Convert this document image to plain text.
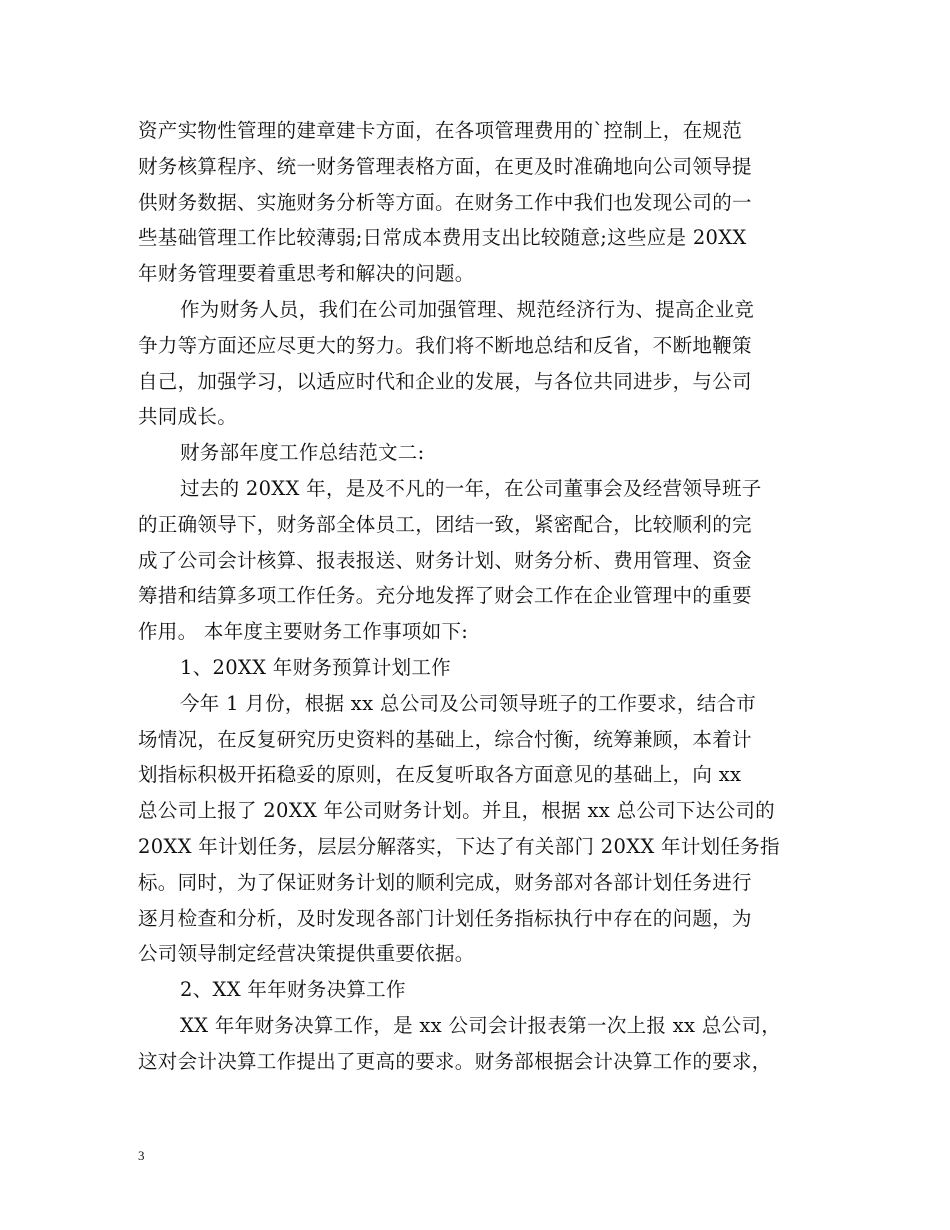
资产实物性管理的建章建卡方面，在各项管理费用的`控制上，在规范
财务核算程序、统一财务管理表格方面，在更及时准确地向公司领导提
供财务数据、实施财务分析等方面。在财务工作中我们也发现公司的一
些基础管理工作比较薄弱;日常成本费用支出比较随意;这些应是 20XX
年财务管理要着重思考和解决的问题。
作为财务人员，我们在公司加强管理、规范经济行为、提高企业竞
争力等方面还应尽更大的努力。我们将不断地总结和反省，不断地鞭策
自己，加强学习，以适应时代和企业的发展，与各位共同进步，与公司
共同成长。
财务部年度工作总结范文二:
过去的 20XX 年，是及不凡的一年，在公司董事会及经营领导班子
的正确领导下，财务部全体员工，团结一致，紧密配合，比较顺利的完
成了公司会计核算、报表报送、财务计划、财务分析、费用管理、资金
筹措和结算多项工作任务。充分地发挥了财会工作在企业管理中的重要
作用。 本年度主要财务工作事项如下:
1、20XX 年财务预算计划工作
今年 1 月份，根据 xx 总公司及公司领导班子的工作要求，结合市
场情况，在反复研究历史资料的基础上，综合忖衡，统筹兼顾，本着计
划指标积极开拓稳妥的原则，在反复听取各方面意见的基础上，向 xx
总公司上报了 20XX 年公司财务计划。并且，根据 xx 总公司下达公司的
20XX 年计划任务，层层分解落实，下达了有关部门 20XX 年计划任务指
标。同时，为了保证财务计划的顺利完成，财务部对各部计划任务进行
逐月检查和分析，及时发现各部门计划任务指标执行中存在的问题，为
公司领导制定经营决策提供重要依据。
2、XX 年年财务决算工作
XX 年年财务决算工作，是 xx 公司会计报表第一次上报 xx 总公司，
这对会计决算工作提出了更高的要求。财务部根据会计决算工作的要求，
3
